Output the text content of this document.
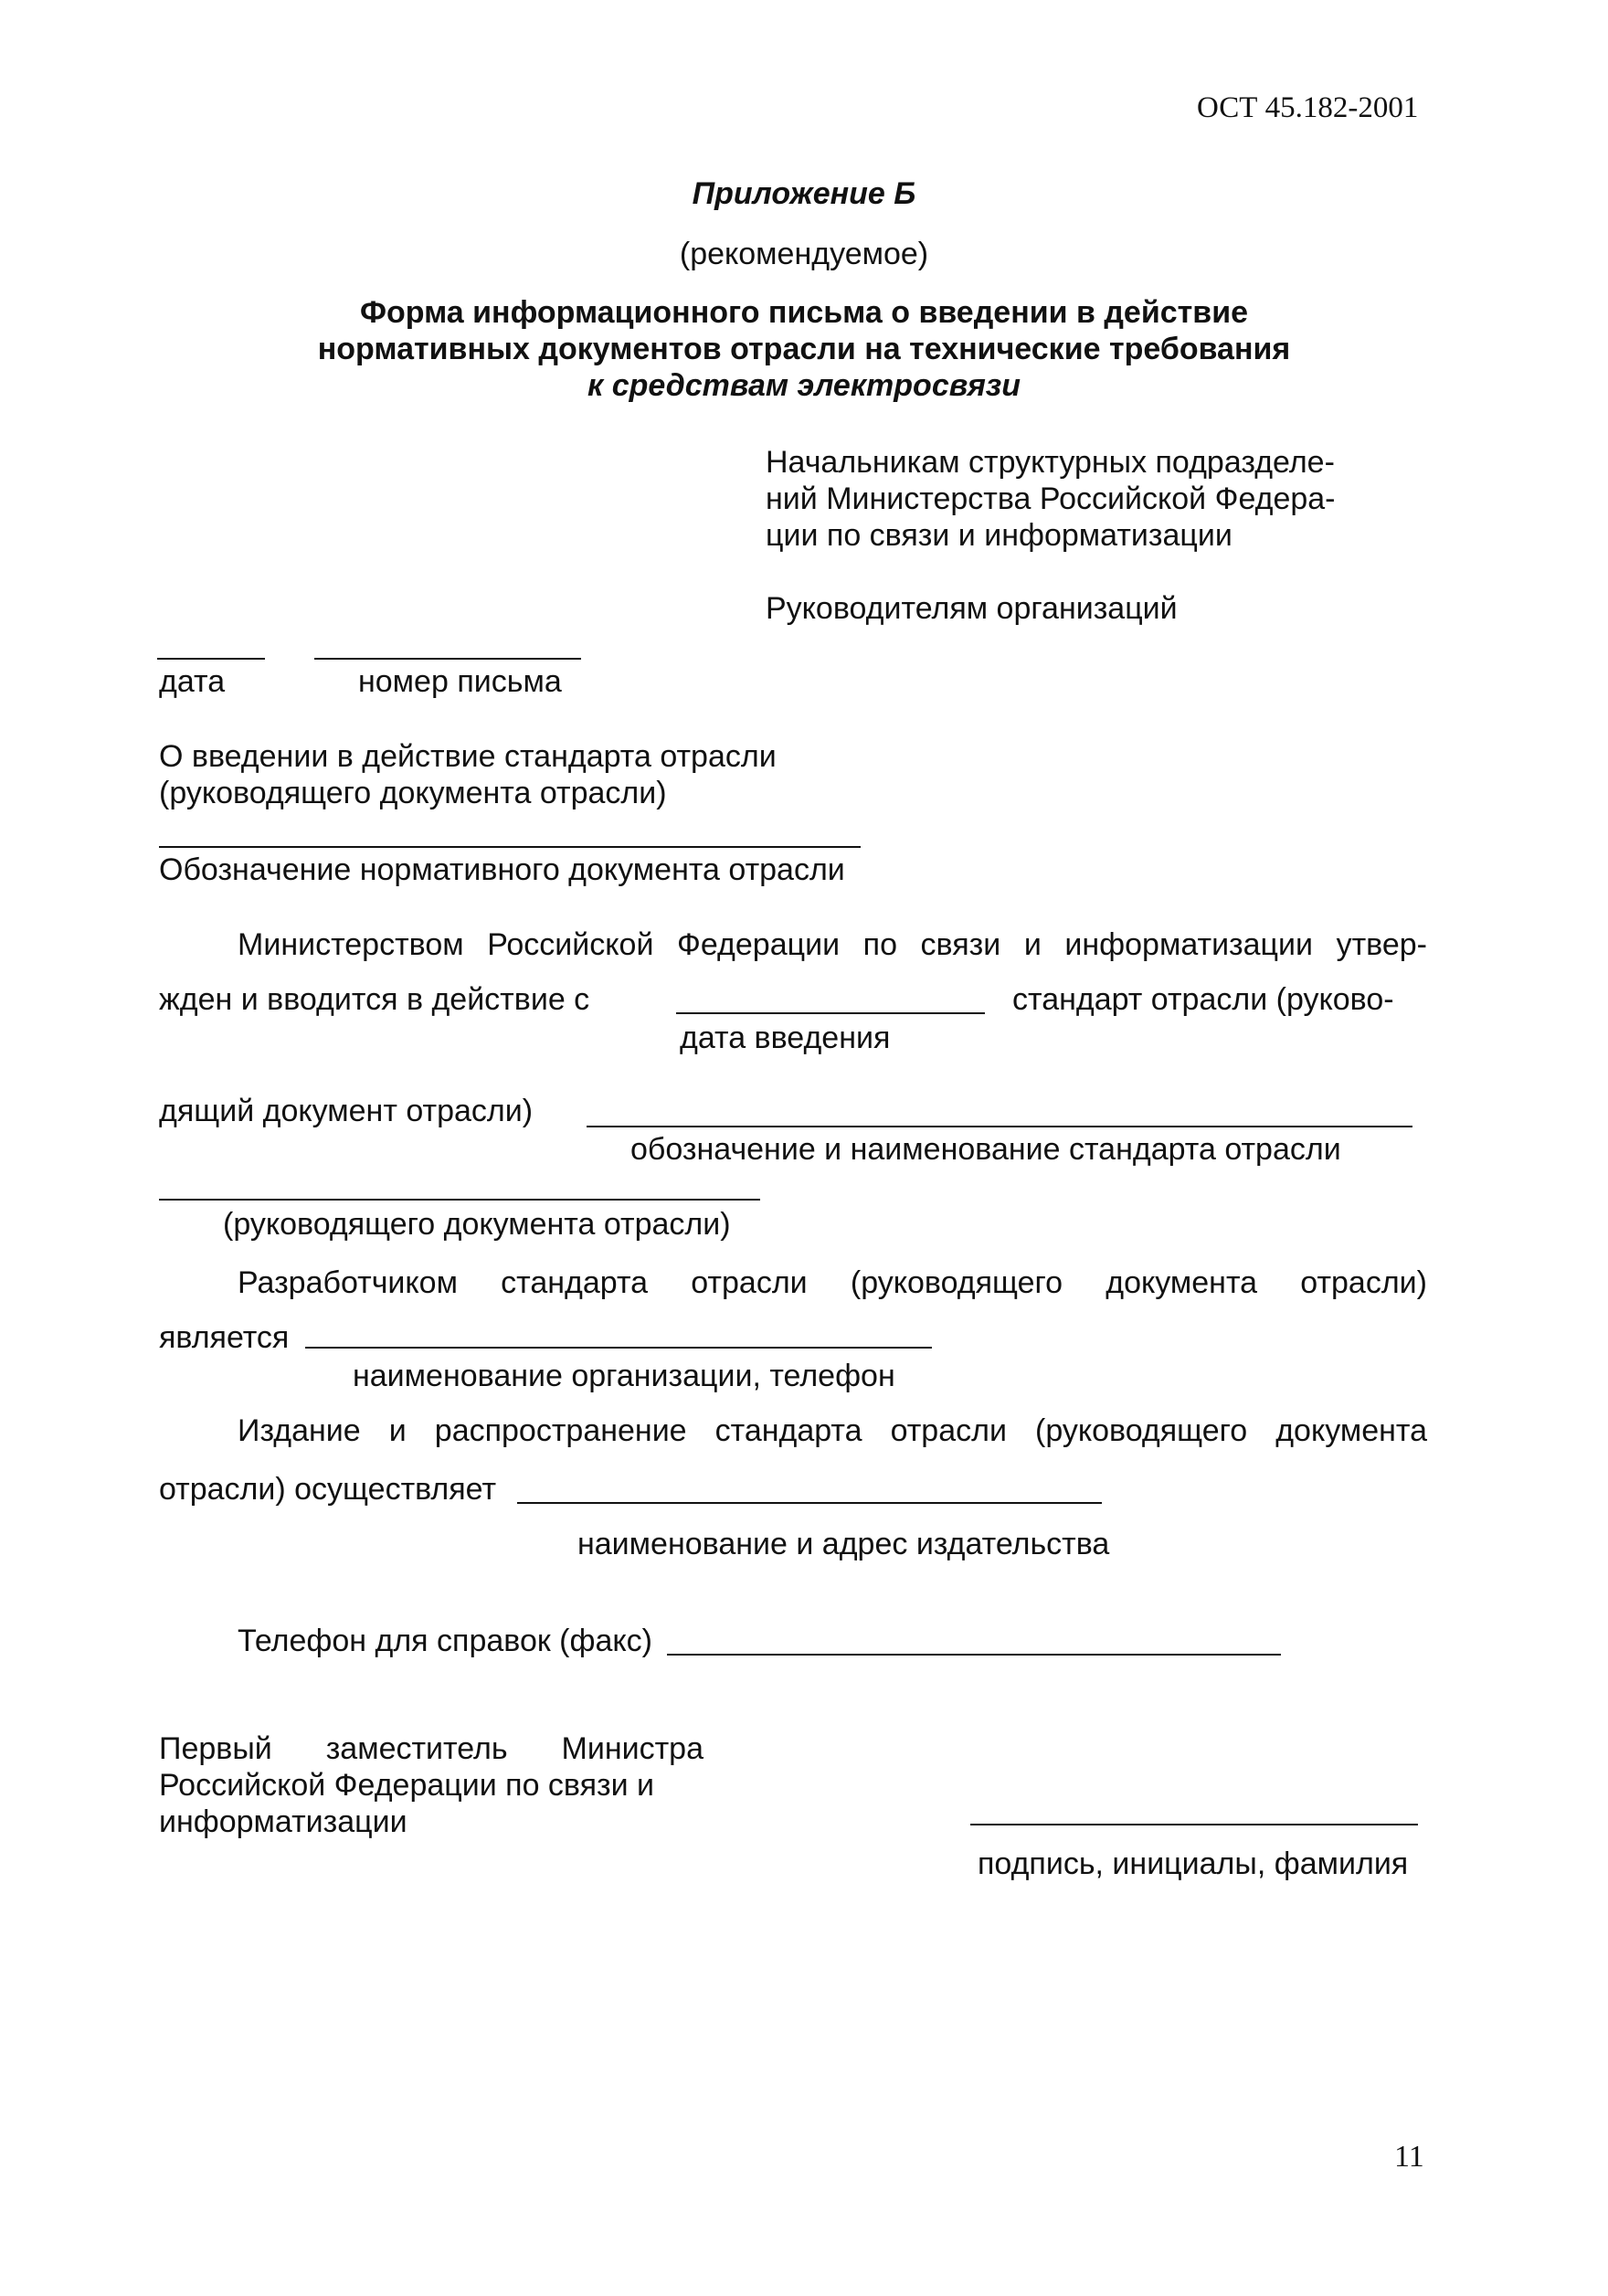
ОСТ 45.182-2001
Приложение Б
(рекомендуемое)
Форма информационного письма о введении в действие
нормативных документов отрасли на технические требования
к средствам электросвязи
Начальникам структурных подразделе-
ний Министерства Российской Федера-
ции по связи и информатизации
Руководителям организаций
дата	номер письма
О введении в действие стандарта отрасли
(руководящего документа отрасли)
Обозначение нормативного документа отрасли
Министерством Российской Федерации по связи и информатизации утвер-
жден и вводится в действие с	стандарт отрасли (руково-
дата введения
дящий документ отрасли)
обозначение и наименование стандарта отрасли
(руководящего документа отрасли)
Разработчиком стандарта отрасли (руководящего документа отрасли)
является
наименование организации, телефон
Издание и распространение стандарта отрасли (руководящего документа
отрасли) осуществляет
наименование и адрес издательства
Телефон для справок (факс)
Первый заместитель Министра
Российской Федерации по связи и
информатизации
подпись, инициалы, фамилия
11
